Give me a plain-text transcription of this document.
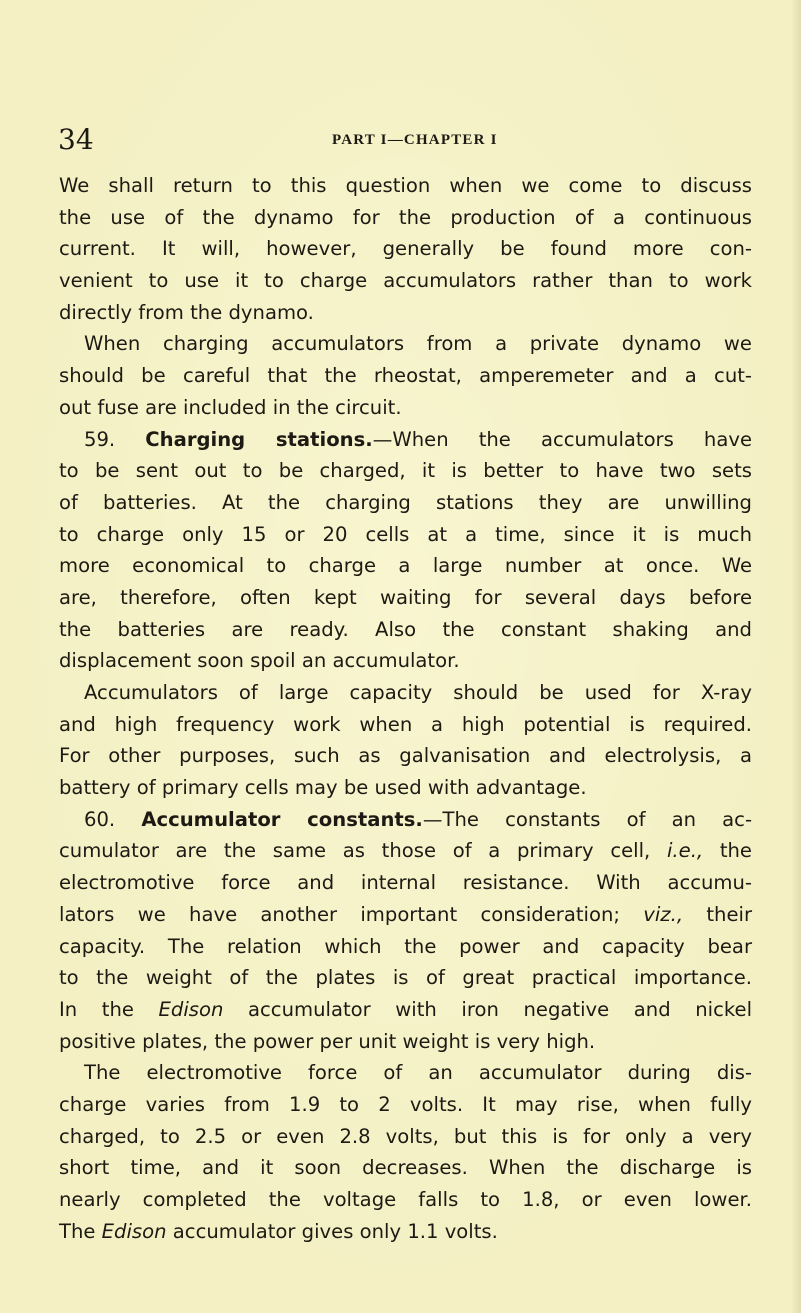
34	PART I—CHAPTER I
We shall return to this question when we come to discuss
the use of the dynamo for the production of a continuous
current. It will, however, generally be found more con-
venient to use it to charge accumulators rather than to work
directly from the dynamo.
When charging accumulators from a private dynamo we
should be careful that the rheostat, amperemeter and a cut-
out fuse are included in the circuit.
59. Charging stations.—When the accumulators have
to be sent out to be charged, it is better to have two sets
of batteries. At the charging stations they are unwilling
to charge only 15 or 20 cells at a time, since it is much
more economical to charge a large number at once. We
are, therefore, often kept waiting for several days before
the batteries are ready. Also the constant shaking and
displacement soon spoil an accumulator.
Accumulators of large capacity should be used for X-ray
and high frequency work when a high potential is required.
For other purposes, such as galvanisation and electrolysis, a
battery of primary cells may be used with advantage.
60. Accumulator constants.—The constants of an ac-
cumulator are the same as those of a primary cell, i.e., the
electromotive force and internal resistance. With accumu-
lators we have another important consideration; viz., their
capacity. The relation which the power and capacity bear
to the weight of the plates is of great practical importance.
In the Edison accumulator with iron negative and nickel
positive plates, the power per unit weight is very high.
The electromotive force of an accumulator during dis-
charge varies from 1.9 to 2 volts. It may rise, when fully
charged, to 2.5 or even 2.8 volts, but this is for only a very
short time, and it soon decreases. When the discharge is
nearly completed the voltage falls to 1.8, or even lower.
The Edison accumulator gives only 1.1 volts.
